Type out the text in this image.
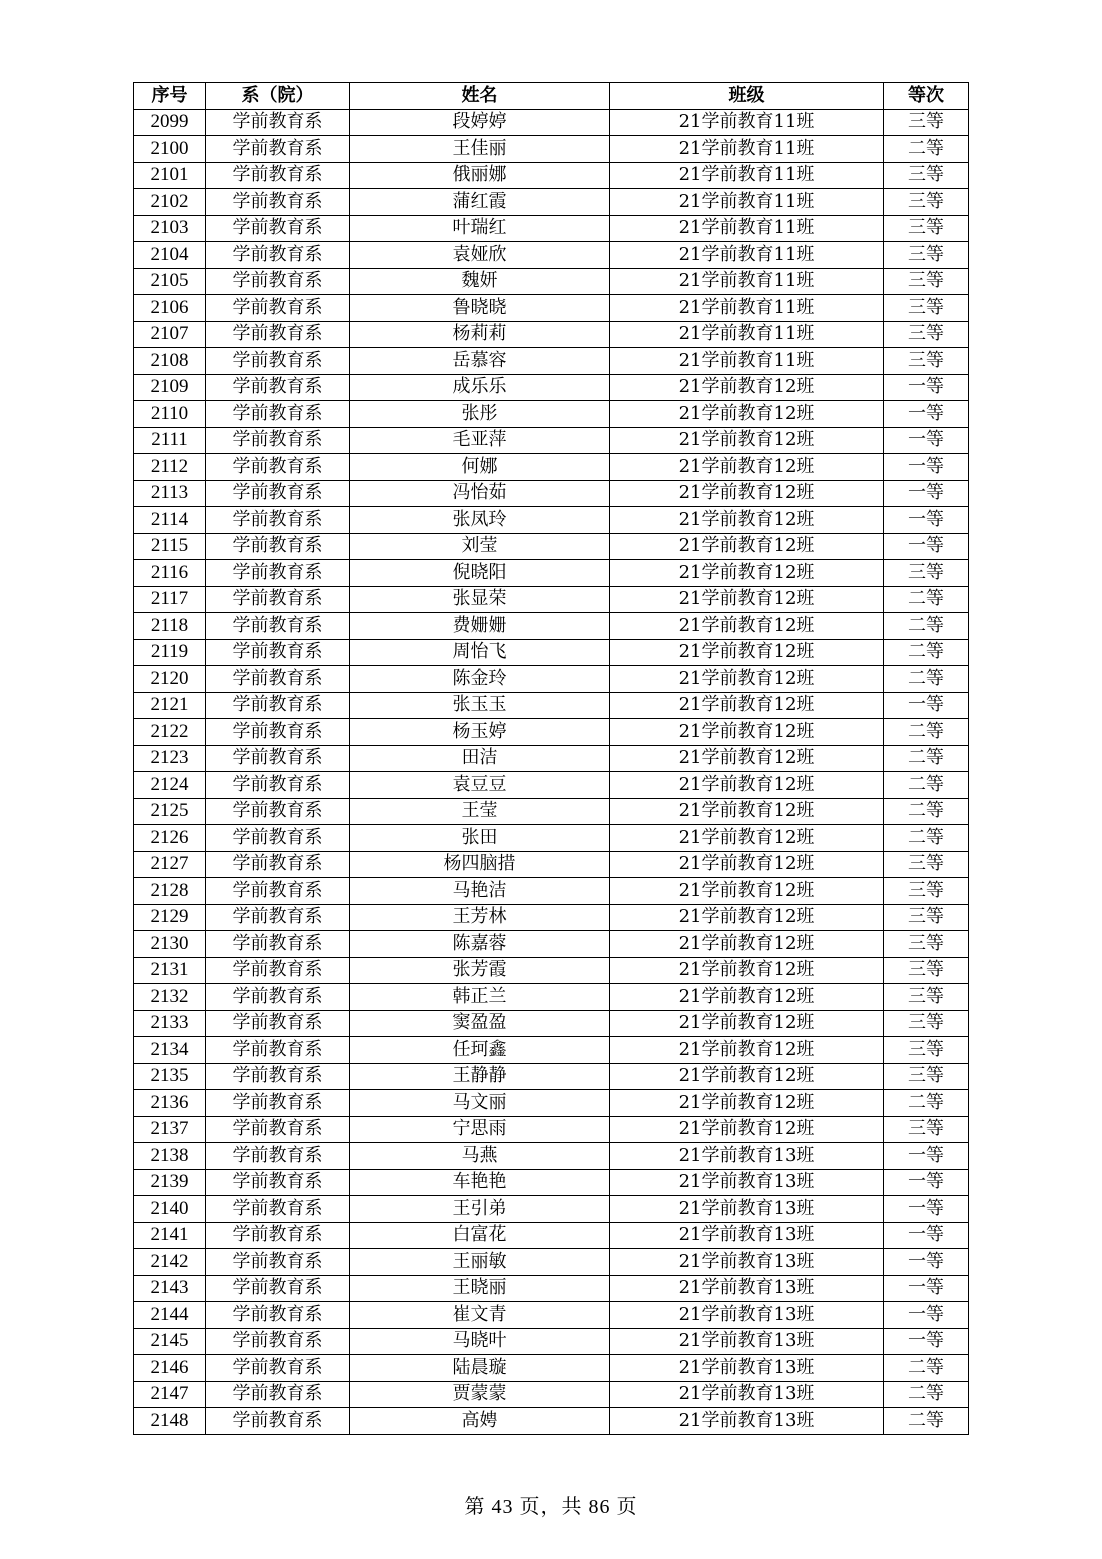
序号	系（院）	姓名	班级	等次
2099	学前教育系	段婷婷	21学前教育11班	三等
2100	学前教育系	王佳丽	21学前教育11班	二等
2101	学前教育系	俄丽娜	21学前教育11班	三等
2102	学前教育系	蒲红霞	21学前教育11班	三等
2103	学前教育系	叶瑞红	21学前教育11班	三等
2104	学前教育系	袁娅欣	21学前教育11班	三等
2105	学前教育系	魏妍	21学前教育11班	三等
2106	学前教育系	鲁晓晓	21学前教育11班	三等
2107	学前教育系	杨莉莉	21学前教育11班	三等
2108	学前教育系	岳慕容	21学前教育11班	三等
2109	学前教育系	成乐乐	21学前教育12班	一等
2110	学前教育系	张彤	21学前教育12班	一等
2111	学前教育系	毛亚萍	21学前教育12班	一等
2112	学前教育系	何娜	21学前教育12班	一等
2113	学前教育系	冯怡茹	21学前教育12班	一等
2114	学前教育系	张凤玲	21学前教育12班	一等
2115	学前教育系	刘莹	21学前教育12班	一等
2116	学前教育系	倪晓阳	21学前教育12班	三等
2117	学前教育系	张显荣	21学前教育12班	二等
2118	学前教育系	费姗姗	21学前教育12班	二等
2119	学前教育系	周怡飞	21学前教育12班	二等
2120	学前教育系	陈金玲	21学前教育12班	二等
2121	学前教育系	张玉玉	21学前教育12班	一等
2122	学前教育系	杨玉婷	21学前教育12班	二等
2123	学前教育系	田洁	21学前教育12班	二等
2124	学前教育系	袁豆豆	21学前教育12班	二等
2125	学前教育系	王莹	21学前教育12班	二等
2126	学前教育系	张田	21学前教育12班	二等
2127	学前教育系	杨四脑措	21学前教育12班	三等
2128	学前教育系	马艳洁	21学前教育12班	三等
2129	学前教育系	王芳林	21学前教育12班	三等
2130	学前教育系	陈嘉蓉	21学前教育12班	三等
2131	学前教育系	张芳霞	21学前教育12班	三等
2132	学前教育系	韩正兰	21学前教育12班	三等
2133	学前教育系	窦盈盈	21学前教育12班	三等
2134	学前教育系	任珂鑫	21学前教育12班	三等
2135	学前教育系	王静静	21学前教育12班	三等
2136	学前教育系	马文丽	21学前教育12班	二等
2137	学前教育系	宁思雨	21学前教育12班	三等
2138	学前教育系	马燕	21学前教育13班	一等
2139	学前教育系	车艳艳	21学前教育13班	一等
2140	学前教育系	王引弟	21学前教育13班	一等
2141	学前教育系	白富花	21学前教育13班	一等
2142	学前教育系	王丽敏	21学前教育13班	一等
2143	学前教育系	王晓丽	21学前教育13班	一等
2144	学前教育系	崔文青	21学前教育13班	一等
2145	学前教育系	马晓叶	21学前教育13班	一等
2146	学前教育系	陆晨璇	21学前教育13班	二等
2147	学前教育系	贾蒙蒙	21学前教育13班	二等
2148	学前教育系	高娉	21学前教育13班	二等
第 43 页，共 86 页
